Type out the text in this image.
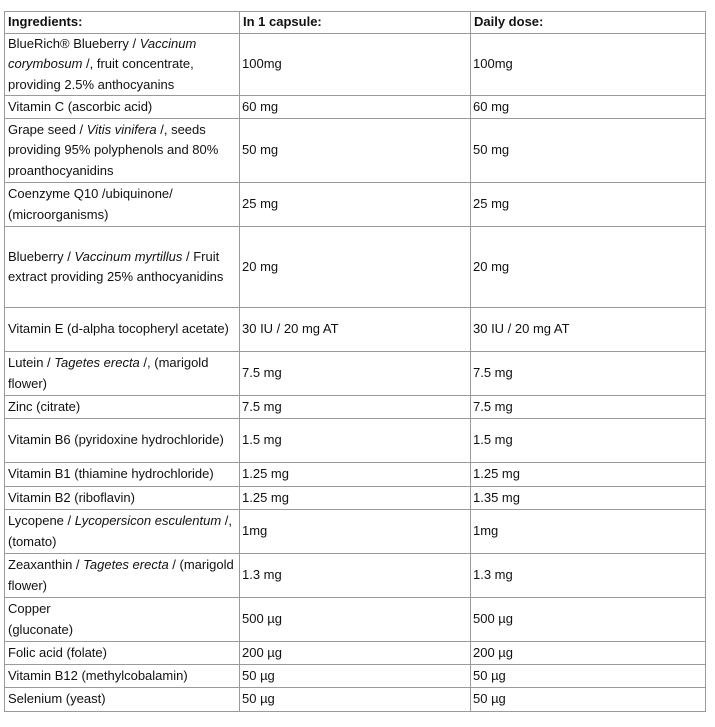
Ingredients:	In 1 capsule:	Daily dose:
BlueRich® Blueberry / Vaccinum corymbosum /, fruit concentrate, providing 2.5% anthocyanins	100mg	100mg
Vitamin C (ascorbic acid)	60 mg	60 mg
Grape seed / Vitis vinifera /, seeds providing 95% polyphenols and 80% proanthocyanidins	50 mg	50 mg
Coenzyme Q10 /ubiquinone/ (microorganisms)	25 mg	25 mg
Blueberry / Vaccinum myrtillus / Fruit extract providing 25% anthocyanidins	20 mg	20 mg
Vitamin E (d-alpha tocopheryl acetate)	30 IU / 20 mg AT	30 IU / 20 mg AT
Lutein / Tagetes erecta /, (marigold flower)	7.5 mg	7.5 mg
Zinc (citrate)	7.5 mg	7.5 mg
Vitamin B6 (pyridoxine hydrochloride)	1.5 mg	1.5 mg
Vitamin B1 (thiamine hydrochloride)	1.25 mg	1.25 mg
Vitamin B2 (riboflavin)	1.25 mg	1.35 mg
Lycopene / Lycopersicon esculentum /, (tomato)	1mg	1mg
Zeaxanthin / Tagetes erecta / (marigold flower)	1.3 mg	1.3 mg
Copper (gluconate)	500 µg	500 µg
Folic acid (folate)	200 µg	200 µg
Vitamin B12 (methylcobalamin)	50 µg	50 µg
Selenium (yeast)	50 µg	50 µg
